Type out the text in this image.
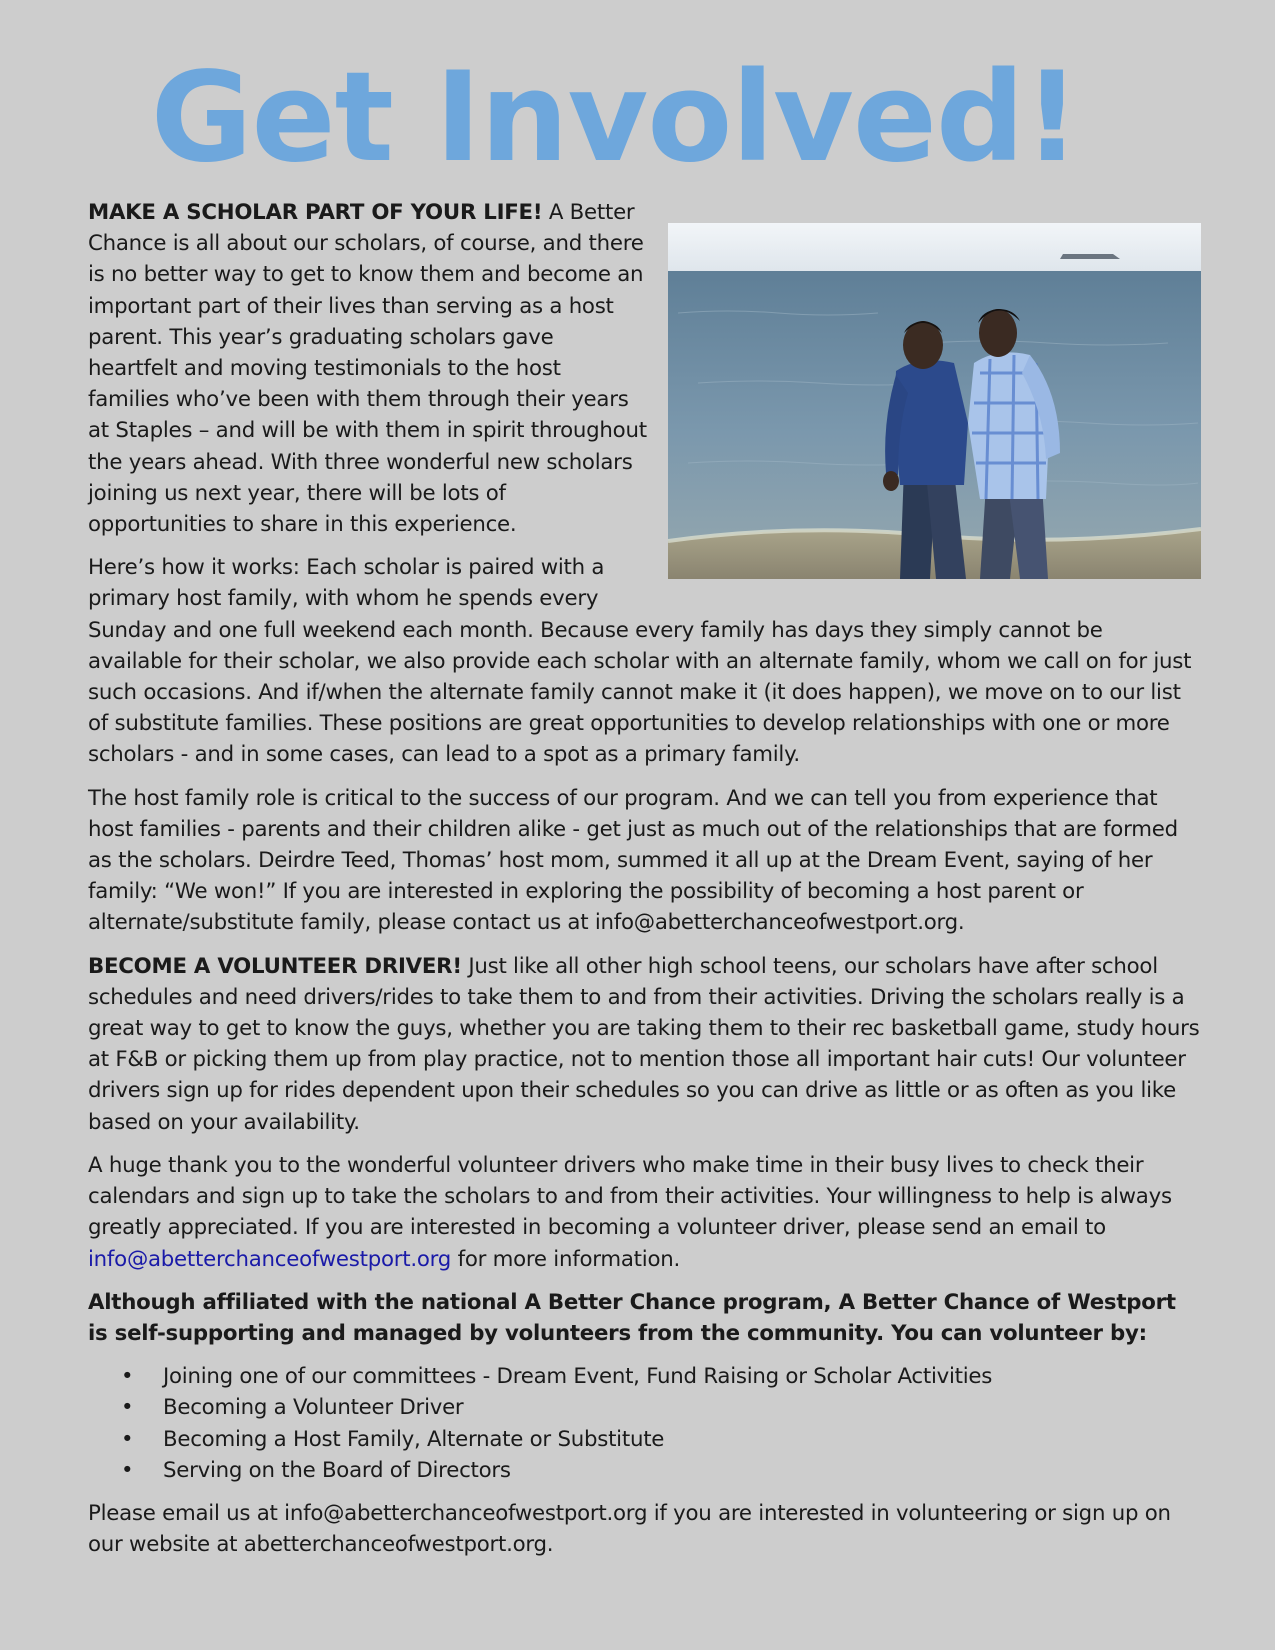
Get Involved!

MAKE A SCHOLAR PART OF YOUR LIFE! A Better Chance is all about our scholars, of course, and there is no better way to get to know them and become an important part of their lives than serving as a host parent. This year’s graduating scholars gave heartfelt and moving testimonials to the host families who’ve been with them through their years at Staples – and will be with them in spirit throughout the years ahead. With three wonderful new scholars joining us next year, there will be lots of opportunities to share in this experience.

Here’s how it works: Each scholar is paired with a primary host family, with whom he spends every Sunday and one full weekend each month. Because every family has days they simply cannot be available for their scholar, we also provide each scholar with an alternate family, whom we call on for just such occasions. And if/when the alternate family cannot make it (it does happen), we move on to our list of substitute families. These positions are great opportunities to develop relationships with one or more scholars - and in some cases, can lead to a spot as a primary family.

The host family role is critical to the success of our program. And we can tell you from experience that host families - parents and their children alike - get just as much out of the relationships that are formed as the scholars. Deirdre Teed, Thomas’ host mom, summed it all up at the Dream Event, saying of her family: “We won!” If you are interested in exploring the possibility of becoming a host parent or alternate/substitute family, please contact us at info@abetterchanceofwestport.org.

BECOME A VOLUNTEER DRIVER! Just like all other high school teens, our scholars have after school schedules and need drivers/rides to take them to and from their activities. Driving the scholars really is a great way to get to know the guys, whether you are taking them to their rec basketball game, study hours at F&B or picking them up from play practice, not to mention those all important hair cuts! Our volunteer drivers sign up for rides dependent upon their schedules so you can drive as little or as often as you like based on your availability.

A huge thank you to the wonderful volunteer drivers who make time in their busy lives to check their calendars and sign up to take the scholars to and from their activities. Your willingness to help is always greatly appreciated. If you are interested in becoming a volunteer driver, please send an email to info@abetterchanceofwestport.org for more information.

Although affiliated with the national A Better Chance program, A Better Chance of Westport is self-supporting and managed by volunteers from the community. You can volunteer by:

• Joining one of our committees - Dream Event, Fund Raising or Scholar Activities
• Becoming a Volunteer Driver
• Becoming a Host Family, Alternate or Substitute
• Serving on the Board of Directors

Please email us at info@abetterchanceofwestport.org if you are interested in volunteering or sign up on our website at abetterchanceofwestport.org.
